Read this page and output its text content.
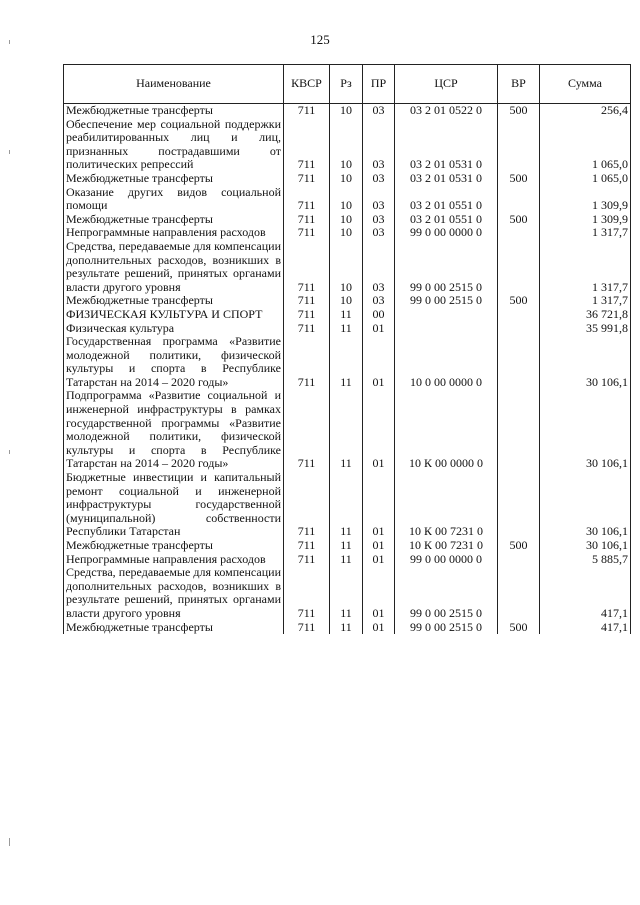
125
Наименование	КВСР	Рз	ПР	ЦСР	ВР	Сумма
Межбюджетные трансферты	711	10	03	03 2 01 0522 0	500	256,4
Обеспечение мер социальной поддержки реабилитированных лиц и лиц, признанных пострадавшими от политических репрессий	711	10	03	03 2 01 0531 0		1 065,0
Межбюджетные трансферты	711	10	03	03 2 01 0531 0	500	1 065,0
Оказание других видов социальной помощи	711	10	03	03 2 01 0551 0		1 309,9
Межбюджетные трансферты	711	10	03	03 2 01 0551 0	500	1 309,9
Непрограммные направления расходов	711	10	03	99 0 00 0000 0		1 317,7
Средства, передаваемые для компенсации дополнительных расходов, возникших в результате решений, принятых органами власти другого уровня	711	10	03	99 0 00 2515 0		1 317,7
Межбюджетные трансферты	711	10	03	99 0 00 2515 0	500	1 317,7
ФИЗИЧЕСКАЯ КУЛЬТУРА И СПОРТ	711	11	00			36 721,8
Физическая культура	711	11	01			35 991,8
Государственная программа «Развитие молодежной политики, физической культуры и спорта в Республике Татарстан на 2014 – 2020 годы»	711	11	01	10 0 00 0000 0		30 106,1
Подпрограмма «Развитие социальной и инженерной инфраструктуры в рамках государственной программы «Развитие молодежной политики, физической культуры и спорта в Республике Татарстан на 2014 – 2020 годы»	711	11	01	10 К 00 0000 0		30 106,1
Бюджетные инвестиции и капитальный ремонт социальной и инженерной инфраструктуры государственной (муниципальной) собственности Республики Татарстан	711	11	01	10 К 00 7231 0		30 106,1
Межбюджетные трансферты	711	11	01	10 К 00 7231 0	500	30 106,1
Непрограммные направления расходов	711	11	01	99 0 00 0000 0		5 885,7
Средства, передаваемые для компенсации дополнительных расходов, возникших в результате решений, принятых органами власти другого уровня	711	11	01	99 0 00 2515 0		417,1
Межбюджетные трансферты	711	11	01	99 0 00 2515 0	500	417,1
